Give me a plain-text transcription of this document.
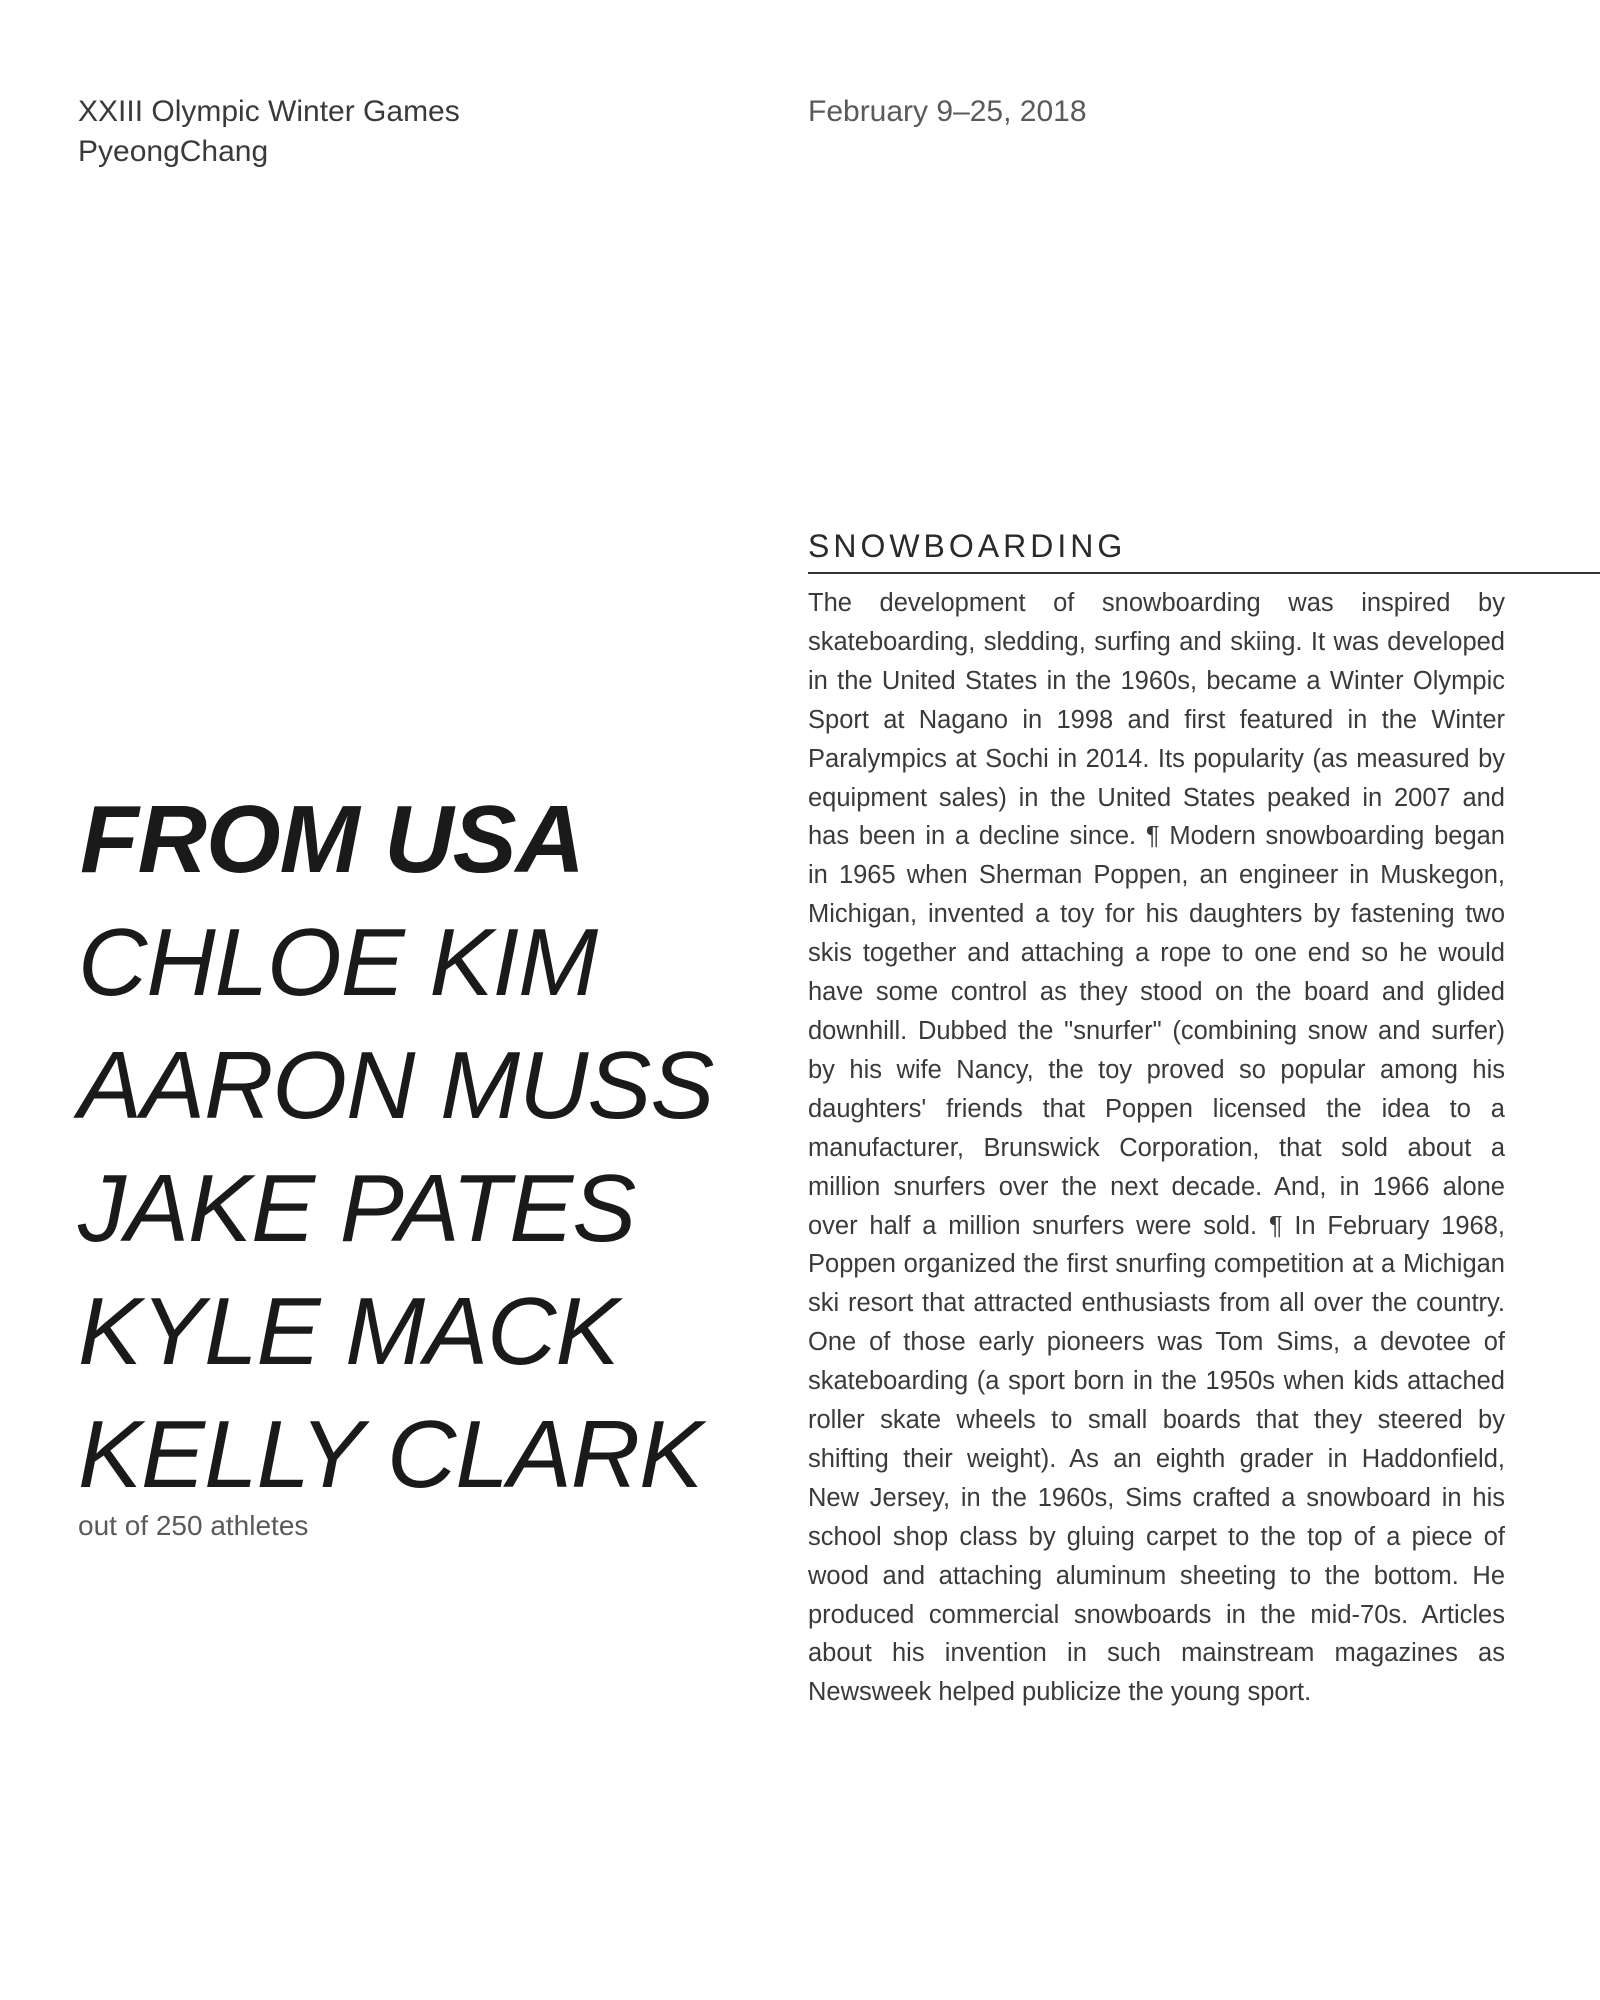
XXIII Olympic Winter Games
PyeongChang
February 9–25, 2018
FROM USA
CHLOE KIM
AARON MUSS
JAKE PATES
KYLE MACK
KELLY CLARK
out of 250 athletes
SNOWBOARDING

The development of snowboarding was inspired by skateboarding, sledding, surfing and skiing. It was developed in the United States in the 1960s, became a Winter Olympic Sport at Nagano in 1998 and first featured in the Winter Paralympics at Sochi in 2014. Its popularity (as measured by equipment sales) in the United States peaked in 2007 and has been in a decline since. ¶ Modern snowboarding began in 1965 when Sherman Poppen, an engineer in Muskegon, Michigan, invented a toy for his daughters by fastening two skis together and attaching a rope to one end so he would have some control as they stood on the board and glided downhill. Dubbed the "snurfer" (combining snow and surfer) by his wife Nancy, the toy proved so popular among his daughters' friends that Poppen licensed the idea to a manufacturer, Brunswick Corporation, that sold about a million snurfers over the next decade. And, in 1966 alone over half a million snurfers were sold. ¶ In February 1968, Poppen organized the first snurfing competition at a Michigan ski resort that attracted enthusiasts from all over the country. One of those early pioneers was Tom Sims, a devotee of skateboarding (a sport born in the 1950s when kids attached roller skate wheels to small boards that they steered by shifting their weight). As an eighth grader in Haddonfield, New Jersey, in the 1960s, Sims crafted a snowboard in his school shop class by gluing carpet to the top of a piece of wood and attaching aluminum sheeting to the bottom. He produced commercial snowboards in the mid-70s. Articles about his invention in such mainstream magazines as Newsweek helped publicize the young sport.
